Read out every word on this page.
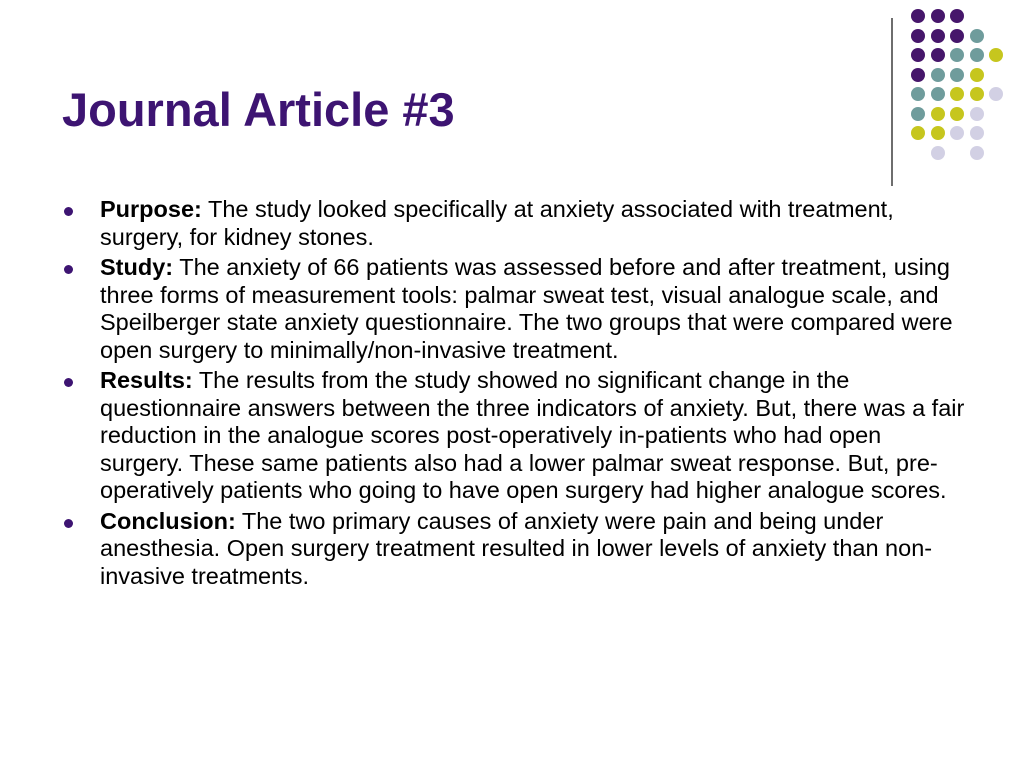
Journal Article #3
Purpose: The study looked specifically at anxiety associated with treatment, surgery, for kidney stones.
Study: The anxiety of 66 patients was assessed before and after treatment, using three forms of measurement tools: palmar sweat test, visual analogue scale, and Speilberger state anxiety questionnaire. The two groups that were compared were open surgery to minimally/non-invasive treatment.
Results: The results from the study showed no significant change in the questionnaire answers between the three indicators of anxiety. But, there was a fair reduction in the analogue scores post-operatively in-patients who had open surgery. These same patients also had a lower palmar sweat response. But, pre-operatively patients who going to have open surgery had higher analogue scores.
Conclusion: The two primary causes of anxiety were pain and being under anesthesia. Open surgery treatment resulted in lower levels of anxiety than non-invasive treatments.
